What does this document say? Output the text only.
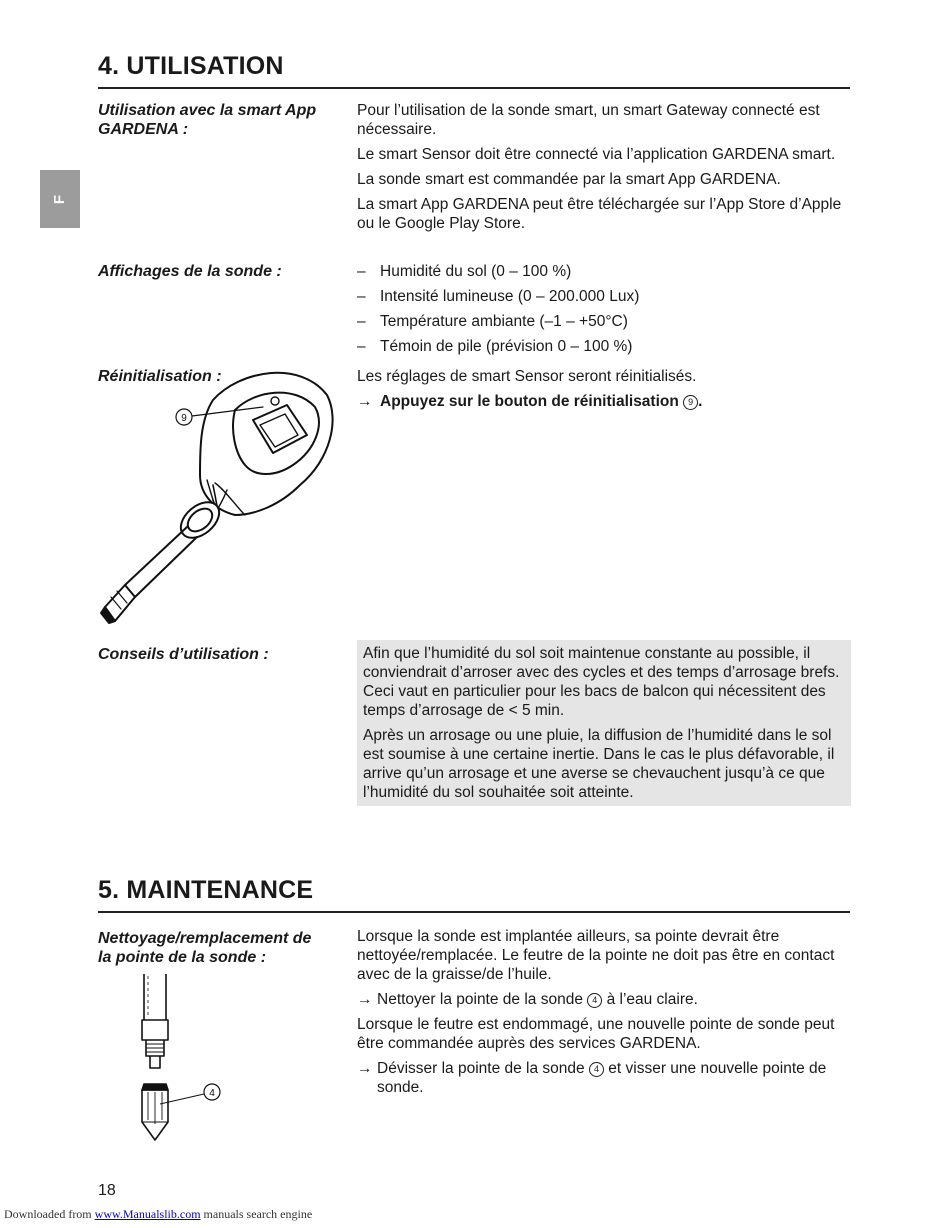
F
4. UTILISATION
Utilisation avec la smart App GARDENA :

Pour l’utilisation de la sonde smart, un smart Gateway connecté est nécessaire.

Le smart Sensor doit être connecté via l’application GARDENA smart.

La sonde smart est commandée par la smart App GARDENA.

La smart App GARDENA peut être téléchargée sur l’App Store d’Apple ou le Google Play Store.

Affichages de la sonde :
–	Humidité du sol (0 – 100 %)
– Intensité lumineuse (0 – 200.000 Lux)
– Température ambiante (–1 – +50°C)
– Témoin de pile (prévision 0 – 100 %)
Réinitialisation :	Les réglages de smart Sensor seront réinitialisés.

→ Appuyez sur le bouton de réinitialisation 9 .
9
Conseils d’utilisation :	Afin que l’humidité du sol soit maintenue constante au possible, il conviendrait d’arroser avec des cycles et des temps d’arrosage brefs. Ceci vaut en particulier pour les bacs de balcon qui nécessitent des temps d’arrosage de < 5 min.

Après un arrosage ou une pluie, la diffusion de l’humidité dans le sol est soumise à une certaine inertie. Dans le cas le plus défavorable, il arrive qu’un arrosage et une averse se chevauchent jusqu’à ce que l’humidité du sol souhaitée soit atteinte.

5. MAINTENANCE
Nettoyage/remplacement de la pointe de la sonde :

Lorsque la sonde est implantée ailleurs, sa pointe devrait être nettoyée/remplacée. Le feutre de la pointe ne doit pas être en contact avec de la graisse/de l’huile.

→ Nettoyer la pointe de la sonde 4 à l’eau claire.

Lorsque le feutre est endommagé, une nouvelle pointe de sonde peut être commandée auprès des services GARDENA.

→ Dévisser la pointe de la sonde 4 et visser une nouvelle pointe de sonde.
4
18
Downloaded from www.Manualslib.com manuals search engine
